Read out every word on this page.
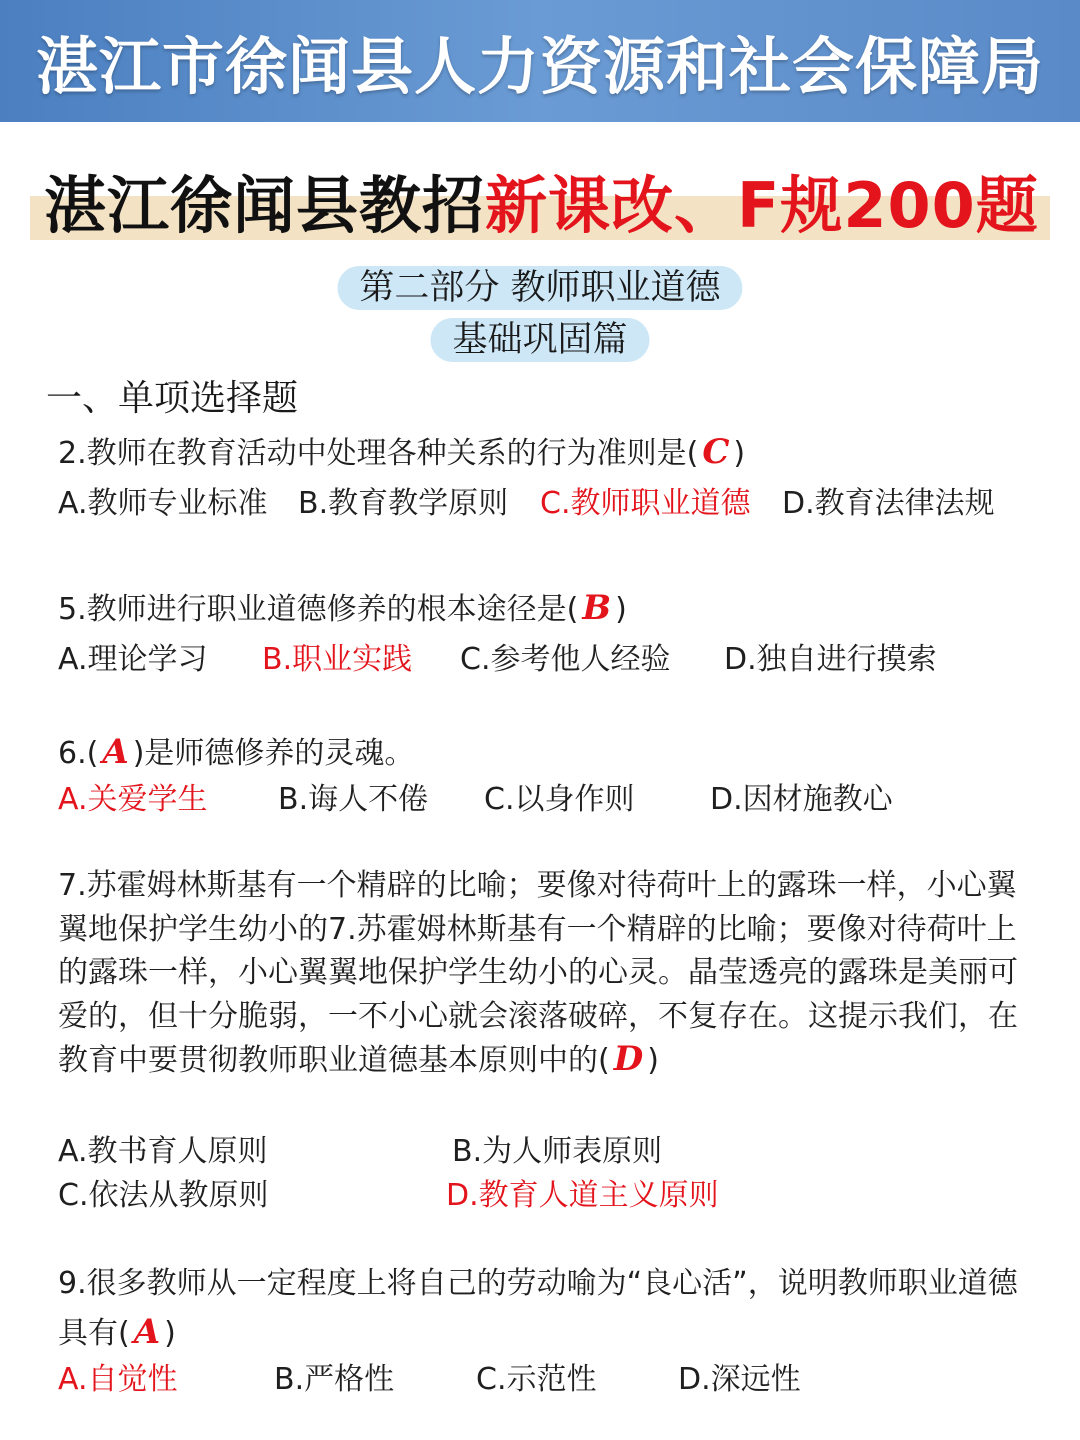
湛江市徐闻县人力资源和社会保障局
湛江徐闻县教招新课改、F规200题
第二部分 教师职业道德
基础巩固篇
一、单项选择题
2.教师在教育活动中处理各种关系的行为准则是( C )
A.教师专业标准 B.教育教学原则 C.教师职业道德 D.教育法律法规
5.教师进行职业道德修养的根本途径是( B )
A.理论学习 B.职业实践 C.参考他人经验 D.独自进行摸索
6.( A )是师德修养的灵魂。
A.关爱学生 B.诲人不倦 C.以身作则	D.因材施教心
7.苏霍姆林斯基有一个精辟的比喻；要像对待荷叶上的露珠一样，小心翼翼地保护学生幼小的7.苏霍姆林斯基有一个精辟的比喻；要像对待荷叶上的露珠一样，小心翼翼地保护学生幼小的心灵。晶莹透亮的露珠是美丽可爱的，但十分脆弱，一不小心就会滚落破碎，不复存在。这提示我们，在教育中要贯彻教师职业道德基本原则中的( D )
A.教书育人原则	B.为人师表原则
C.依法从教原则	D.教育人道主义原则
9.很多教师从一定程度上将自己的劳动喻为“良心活”，说明教师职业道德具有( A )
A.自觉性	B.严格性	C.示范性	D.深远性
